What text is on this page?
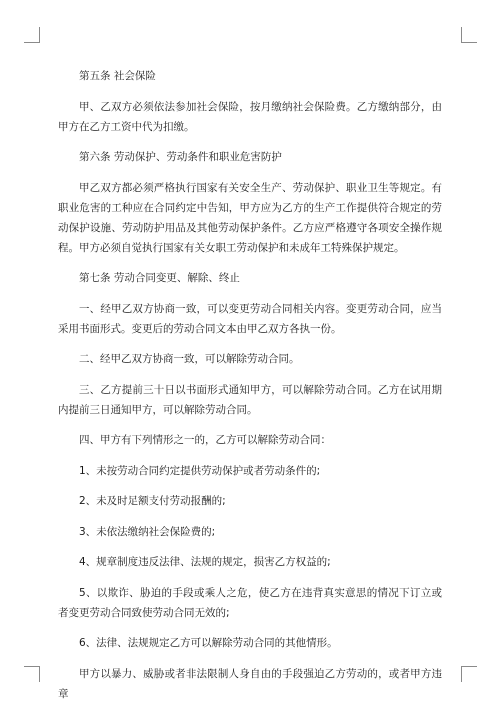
第五条 社会保险

甲、乙双方必须依法参加社会保险，按月缴纳社会保险费。乙方缴纳部分，由甲方在乙方工资中代为扣缴。

第六条 劳动保护、劳动条件和职业危害防护

甲乙双方都必须严格执行国家有关安全生产、劳动保护、职业卫生等规定。有职业危害的工种应在合同约定中告知，甲方应为乙方的生产工作提供符合规定的劳动保护设施、劳动防护用品及其他劳动保护条件。乙方应严格遵守各项安全操作规程。甲方必须自觉执行国家有关女职工劳动保护和未成年工特殊保护规定。

第七条 劳动合同变更、解除、终止

一、经甲乙双方协商一致，可以变更劳动合同相关内容。变更劳动合同，应当采用书面形式。变更后的劳动合同文本由甲乙双方各执一份。

二、经甲乙双方协商一致，可以解除劳动合同。

三、乙方提前三十日以书面形式通知甲方，可以解除劳动合同。乙方在试用期内提前三日通知甲方，可以解除劳动合同。

四、甲方有下列情形之一的，乙方可以解除劳动合同：

1、未按劳动合同约定提供劳动保护或者劳动条件的;

2、未及时足额支付劳动报酬的;

3、未依法缴纳社会保险费的;

4、规章制度违反法律、法规的规定，损害乙方权益的;

5、以欺诈、胁迫的手段或乘人之危，使乙方在违背真实意思的情况下订立或者变更劳动合同致使劳动合同无效的;

6、法律、法规规定乙方可以解除劳动合同的其他情形。

甲方以暴力、威胁或者非法限制人身自由的手段强迫乙方劳动的，或者甲方违章
